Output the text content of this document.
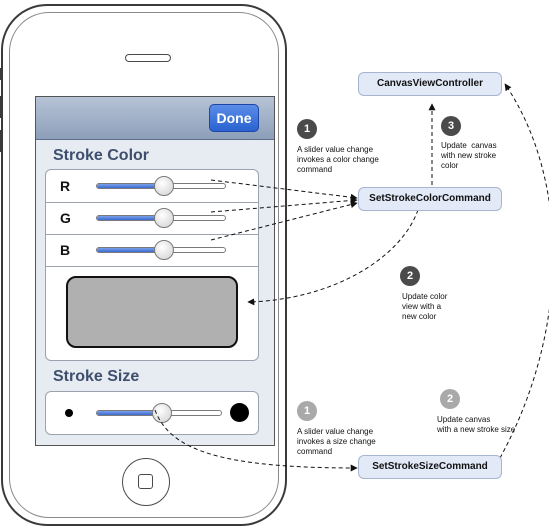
Done
Stroke Color
R
G
B
Stroke Size
CanvasViewController
SetStrokeColorCommand
SetStrokeSizeCommand
1
A slider value change
invokes a color change
command
2
Update color
view with a
new color
3
Update  canvas
with new stroke
color
1
A slider value change
invokes a size change
command
2
Update canvas
with a new stroke size
